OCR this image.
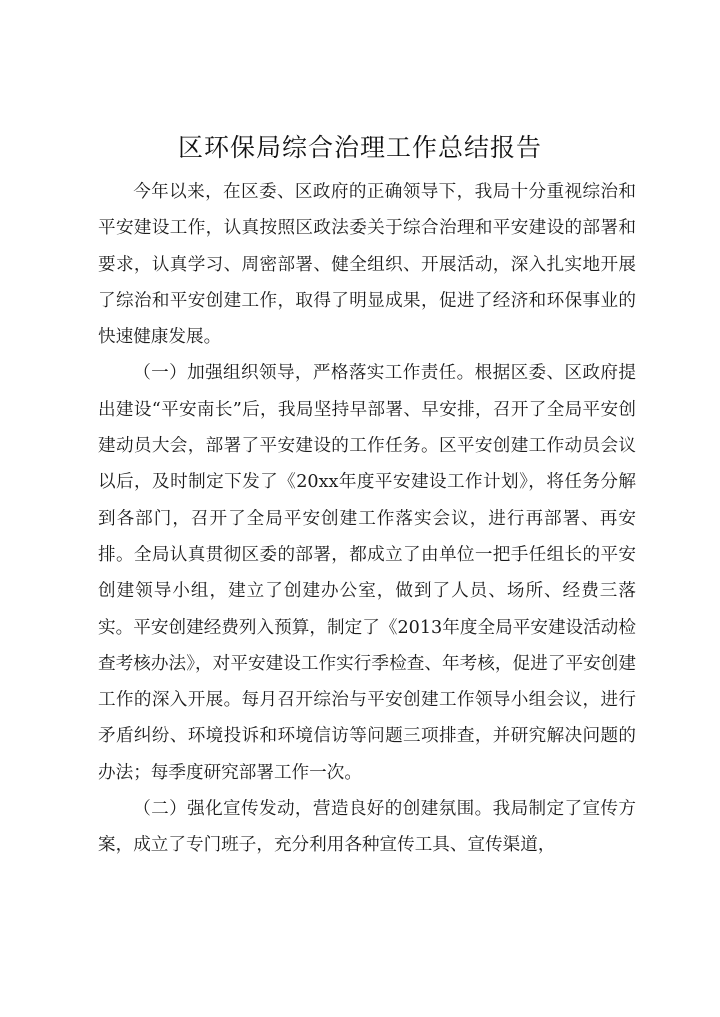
区环保局综合治理工作总结报告

今年以来，在区委、区政府的正确领导下，我局十分重视综治和平安建设工作，认真按照区政法委关于综合治理和平安建设的部署和要求，认真学习、周密部署、健全组织、开展活动，深入扎实地开展了综治和平安创建工作，取得了明显成果，促进了经济和环保事业的快速健康发展。

（一）加强组织领导，严格落实工作责任。根据区委、区政府提出建设“平安南长”后，我局坚持早部署、早安排，召开了全局平安创建动员大会，部署了平安建设的工作任务。区平安创建工作动员会议以后，及时制定下发了《20xx年度平安建设工作计划》，将任务分解到各部门，召开了全局平安创建工作落实会议，进行再部署、再安排。全局认真贯彻区委的部署，都成立了由单位一把手任组长的平安创建领导小组，建立了创建办公室，做到了人员、场所、经费三落实。平安创建经费列入预算，制定了《2013年度全局平安建设活动检查考核办法》，对平安建设工作实行季检查、年考核，促进了平安创建工作的深入开展。每月召开综治与平安创建工作领导小组会议，进行矛盾纠纷、环境投诉和环境信访等问题三项排查，并研究解决问题的办法；每季度研究部署工作一次。

（二）强化宣传发动，营造良好的创建氛围。我局制定了宣传方案，成立了专门班子，充分利用各种宣传工具、宣传渠道，
